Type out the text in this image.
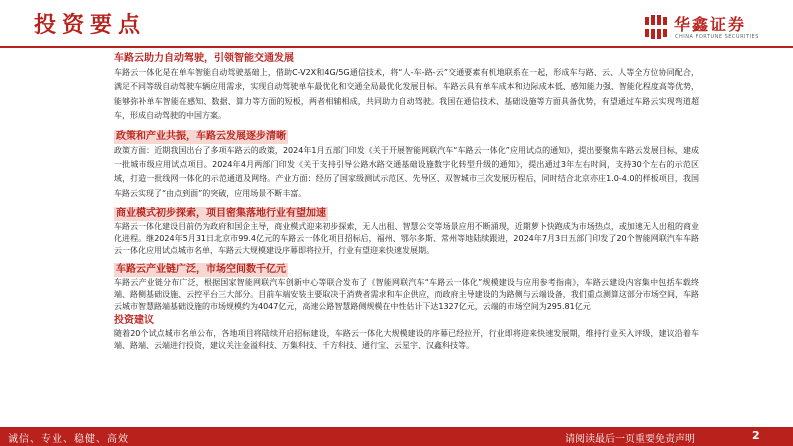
投资要点	华鑫证券
CHINA FORTUNE SECURITIES
车路云助力自动驾驶，引领智能交通发展
车路云一体化是在单车智能自动驾驶基础上，借助C-V2X和4G/5G通信技术，将“人-车-路-云”交通要素有机地联系在一起，形成车与路、云、人等全方位协同配合，满足不同等级自动驾驶车辆应用需求，实现自动驾驶单车最优化和交通全局最优化发展目标。车路云具有单车成本和边际成本低、感知能力强、智能化程度高等优势，能够弥补单车智能在感知、数据、算力等方面的短板，两者相辅相成，共同助力自动驾驶。我国在通信技术、基础设施等方面具备优势，有望通过车路云实现弯道超车，形成自动驾驶的中国方案。
政策和产业共振，车路云发展逐步清晰
政策方面：近期我国出台了多项车路云的政策，2024年1月五部门印发《关于开展智能网联汽车“车路云一体化”应用试点的通知》，提出要聚焦车路云发展目标，建成一批城市级应用试点项目。2024年4月两部门印发《关于支持引导公路水路交通基础设施数字化转型升级的通知》，提出通过3年左右时间，支持30个左右的示范区域，打造一批线网一体化的示范通道及网络。产业方面：经历了国家级测试示范区、先导区、双智城市三次发展历程后，同时结合北京亦庄1.0-4.0的样板项目，我国车路云实现了“由点到面”的突破，应用场景不断丰富。
商业模式初步探索，项目密集落地行业有望加速
车路云一体化建设目前仍为政府和国企主导，商业模式迎来初步探索，无人出租、智慧公交等场景应用不断涌现，近期萝卜快跑成为市场热点，或加速无人出租的商业化进程。继2024年5月31日北京市99.4亿元的车路云一体化项目招标后，福州、鄂尔多斯、常州等地陆续跟进，2024年7月3日五部门印发了20个智能网联汽车车路云一体化应用试点城市名单，车路云大规模建设序幕即将拉开，行业有望迎来快速发展期。
车路云产业链广泛，市场空间数千亿元
车路云产业链分布广泛，根据国家智能网联汽车创新中心等联合发布了《智能网联汽车“车路云一体化”规模建设与应用参考指南》，车路云建设内容集中包括车载终端、路侧基础设施、云控平台三大部分。目前车端安装主要取决于消费者需求和车企供应，而政府主导建设的为路侧与云端设备，我们重点测算这部分市场空间，车路云城市智慧路端基础设施的市场规模约为4047亿元，高速公路智慧路侧规模在中性估计下达1327亿元，云端的市场空间为295.81亿元
投资建议
随着20个试点城市名单公布，各地项目将陆续开启招标建设，车路云一体化大规模建设的序幕已经拉开，行业即将迎来快速发展期，维持行业买入评级，建议沿着车端、路端、云端进行投资，建议关注金溢科技、万集科技、千方科技、通行宝、云星宇、汉鑫科技等。
诚信、专业、稳健、高效	请阅读最后一页重要免责声明	2
